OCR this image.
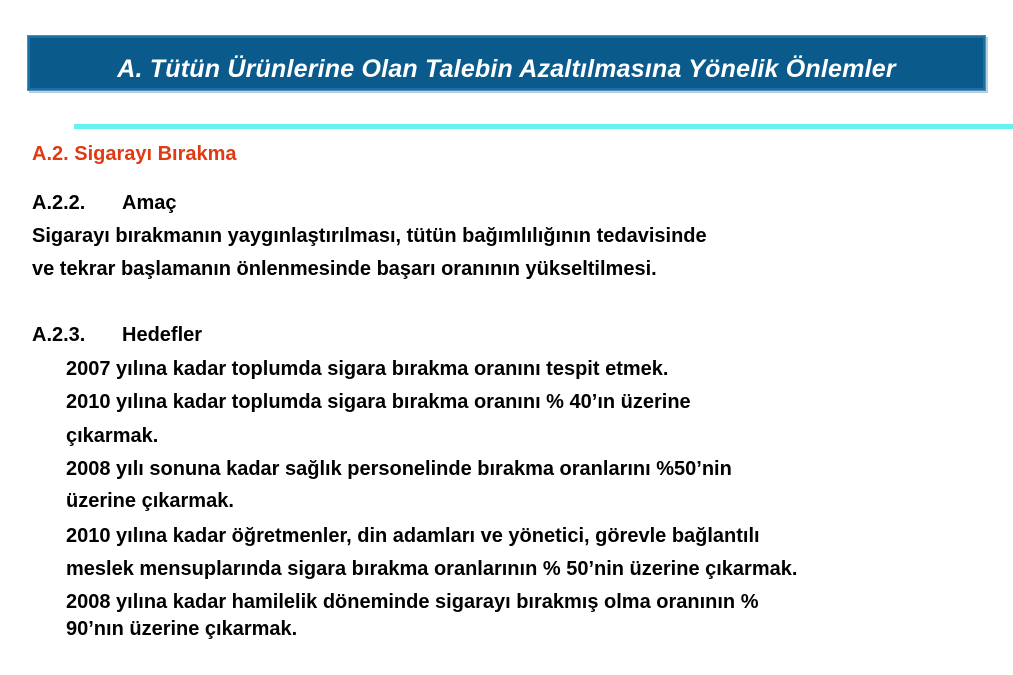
A. Tütün Ürünlerine Olan Talebin Azaltılmasına Yönelik Önlemler
A.2. Sigarayı Bırakma
A.2.2. Amaç
Sigarayı bırakmanın yaygınlaştırılması, tütün bağımlılığının tedavisinde
ve tekrar başlamanın önlenmesinde başarı oranının yükseltilmesi.
A.2.3. Hedefler
2007 yılına kadar toplumda sigara bırakma oranını tespit etmek.
2010 yılına kadar toplumda sigara bırakma oranını % 40’ın üzerine
çıkarmak.
2008 yılı sonuna kadar sağlık personelinde bırakma oranlarını %50’nin
üzerine çıkarmak.
2010 yılına kadar öğretmenler, din adamları ve yönetici, görevle bağlantılı
meslek mensuplarında sigara bırakma oranlarının % 50’nin üzerine çıkarmak.
2008 yılına kadar hamilelik döneminde sigarayı bırakmış olma oranının %
90’nın üzerine çıkarmak.
